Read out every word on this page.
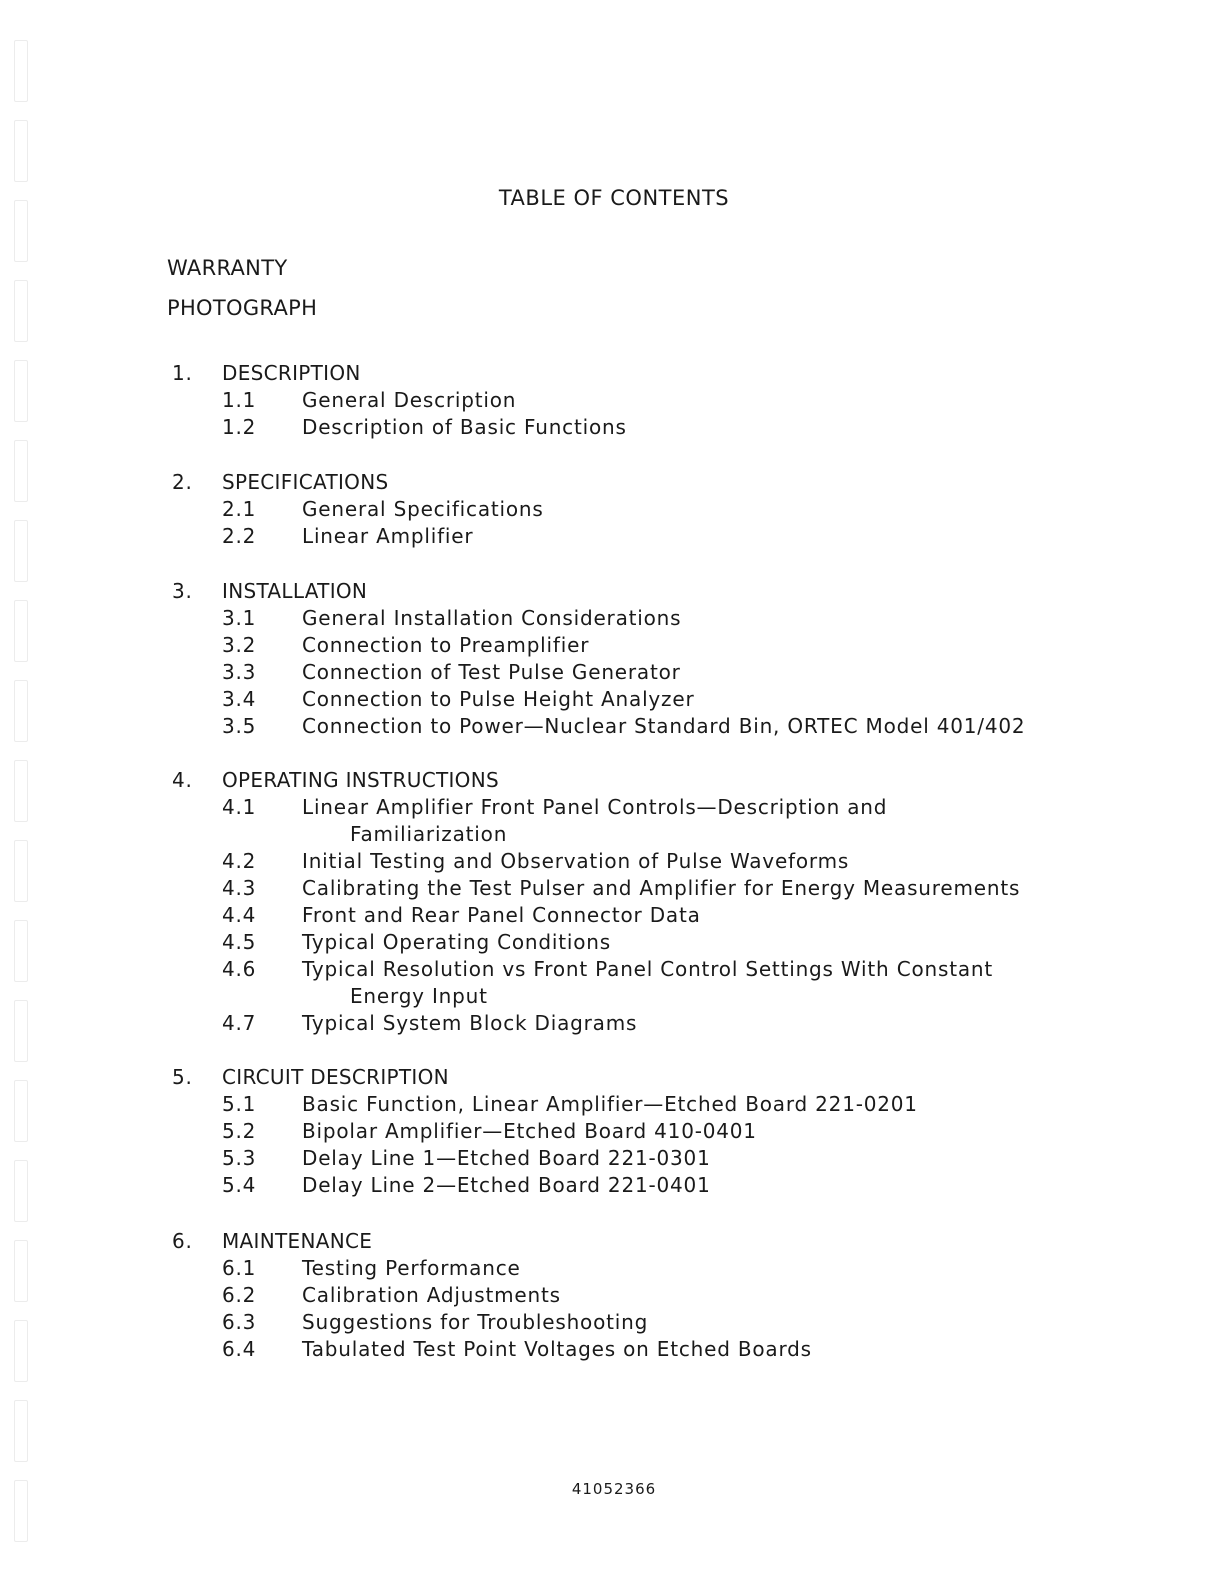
TABLE OF CONTENTS
WARRANTY
PHOTOGRAPH
1. DESCRIPTION
1.1 General Description
1.2 Description of Basic Functions
2. SPECIFICATIONS
2.1 General Specifications
2.2 Linear Amplifier
3. INSTALLATION
3.1 General Installation Considerations
3.2 Connection to Preamplifier
3.3 Connection of Test Pulse Generator
3.4 Connection to Pulse Height Analyzer
3.5 Connection to Power—Nuclear Standard Bin, ORTEC Model 401/402
4. OPERATING INSTRUCTIONS
4.1 Linear Amplifier Front Panel Controls—Description and
Familiarization
4.2 Initial Testing and Observation of Pulse Waveforms
4.3 Calibrating the Test Pulser and Amplifier for Energy Measurements
4.4 Front and Rear Panel Connector Data
4.5 Typical Operating Conditions
4.6 Typical Resolution vs Front Panel Control Settings With Constant
Energy Input
4.7 Typical System Block Diagrams
5. CIRCUIT DESCRIPTION
5.1 Basic Function, Linear Amplifier—Etched Board 221-0201
5.2 Bipolar Amplifier—Etched Board 410-0401
5.3 Delay Line 1—Etched Board 221-0301
5.4 Delay Line 2—Etched Board 221-0401
6. MAINTENANCE
6.1 Testing Performance
6.2 Calibration Adjustments
6.3 Suggestions for Troubleshooting
6.4 Tabulated Test Point Voltages on Etched Boards
41052366
